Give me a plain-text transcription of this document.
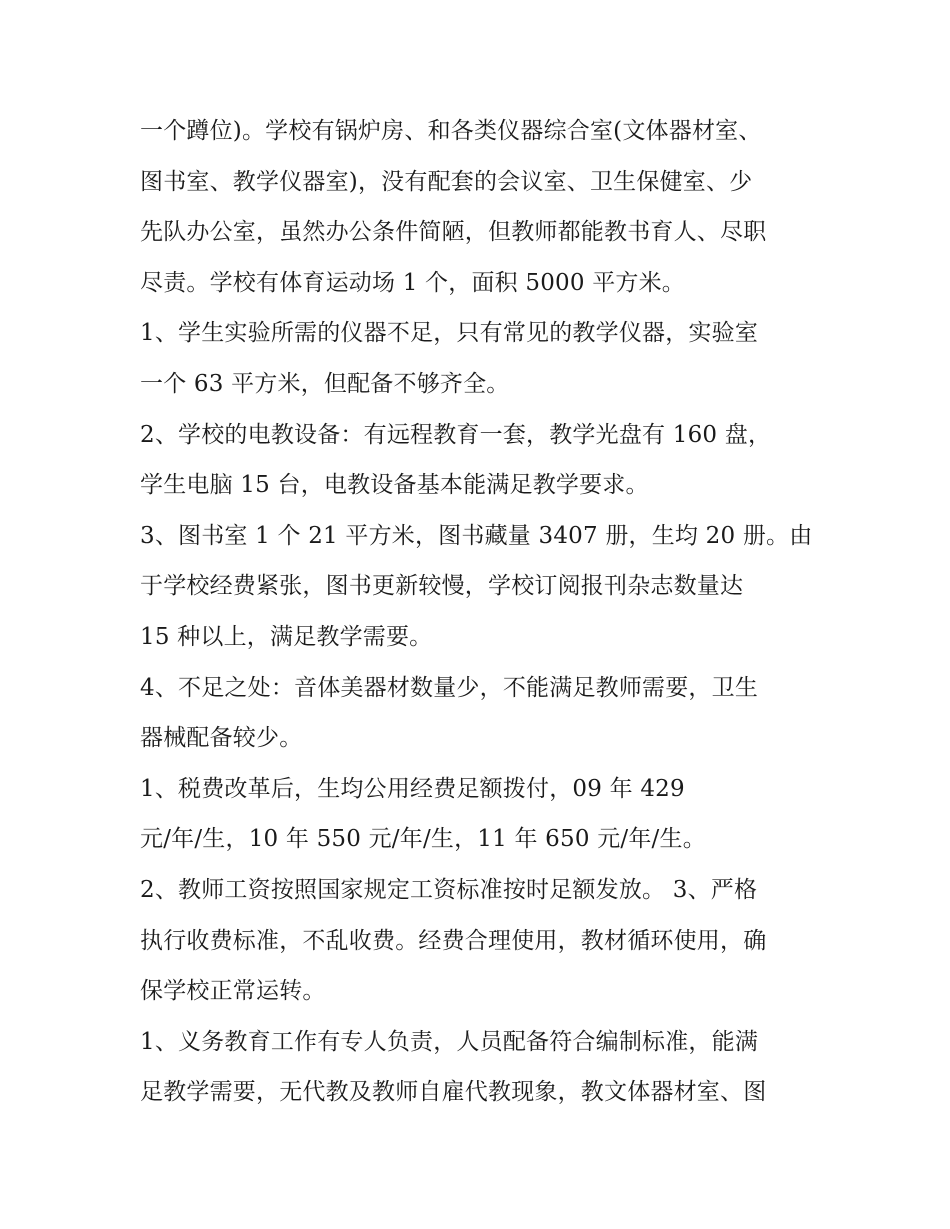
一个蹲位)。学校有锅炉房、和各类仪器综合室(文体器材室、
图书室、教学仪器室)，没有配套的会议室、卫生保健室、少
先队办公室，虽然办公条件简陋，但教师都能教书育人、尽职
尽责。学校有体育运动场 1 个，面积 5000 平方米。
1、学生实验所需的仪器不足，只有常见的教学仪器，实验室
一个 63 平方米，但配备不够齐全。
2、学校的电教设备：有远程教育一套，教学光盘有 160 盘，
学生电脑 15 台，电教设备基本能满足教学要求。
3、图书室 1 个 21 平方米，图书藏量 3407 册，生均 20 册。由
于学校经费紧张，图书更新较慢，学校订阅报刊杂志数量达
15 种以上，满足教学需要。
4、不足之处：音体美器材数量少，不能满足教师需要，卫生
器械配备较少。
1、税费改革后，生均公用经费足额拨付，09 年 429
元/年/生，10 年 550 元/年/生，11 年 650 元/年/生。
2、教师工资按照国家规定工资标准按时足额发放。 3、严格
执行收费标准，不乱收费。经费合理使用，教材循环使用，确
保学校正常运转。
1、义务教育工作有专人负责，人员配备符合编制标准，能满
足教学需要，无代教及教师自雇代教现象，教文体器材室、图
